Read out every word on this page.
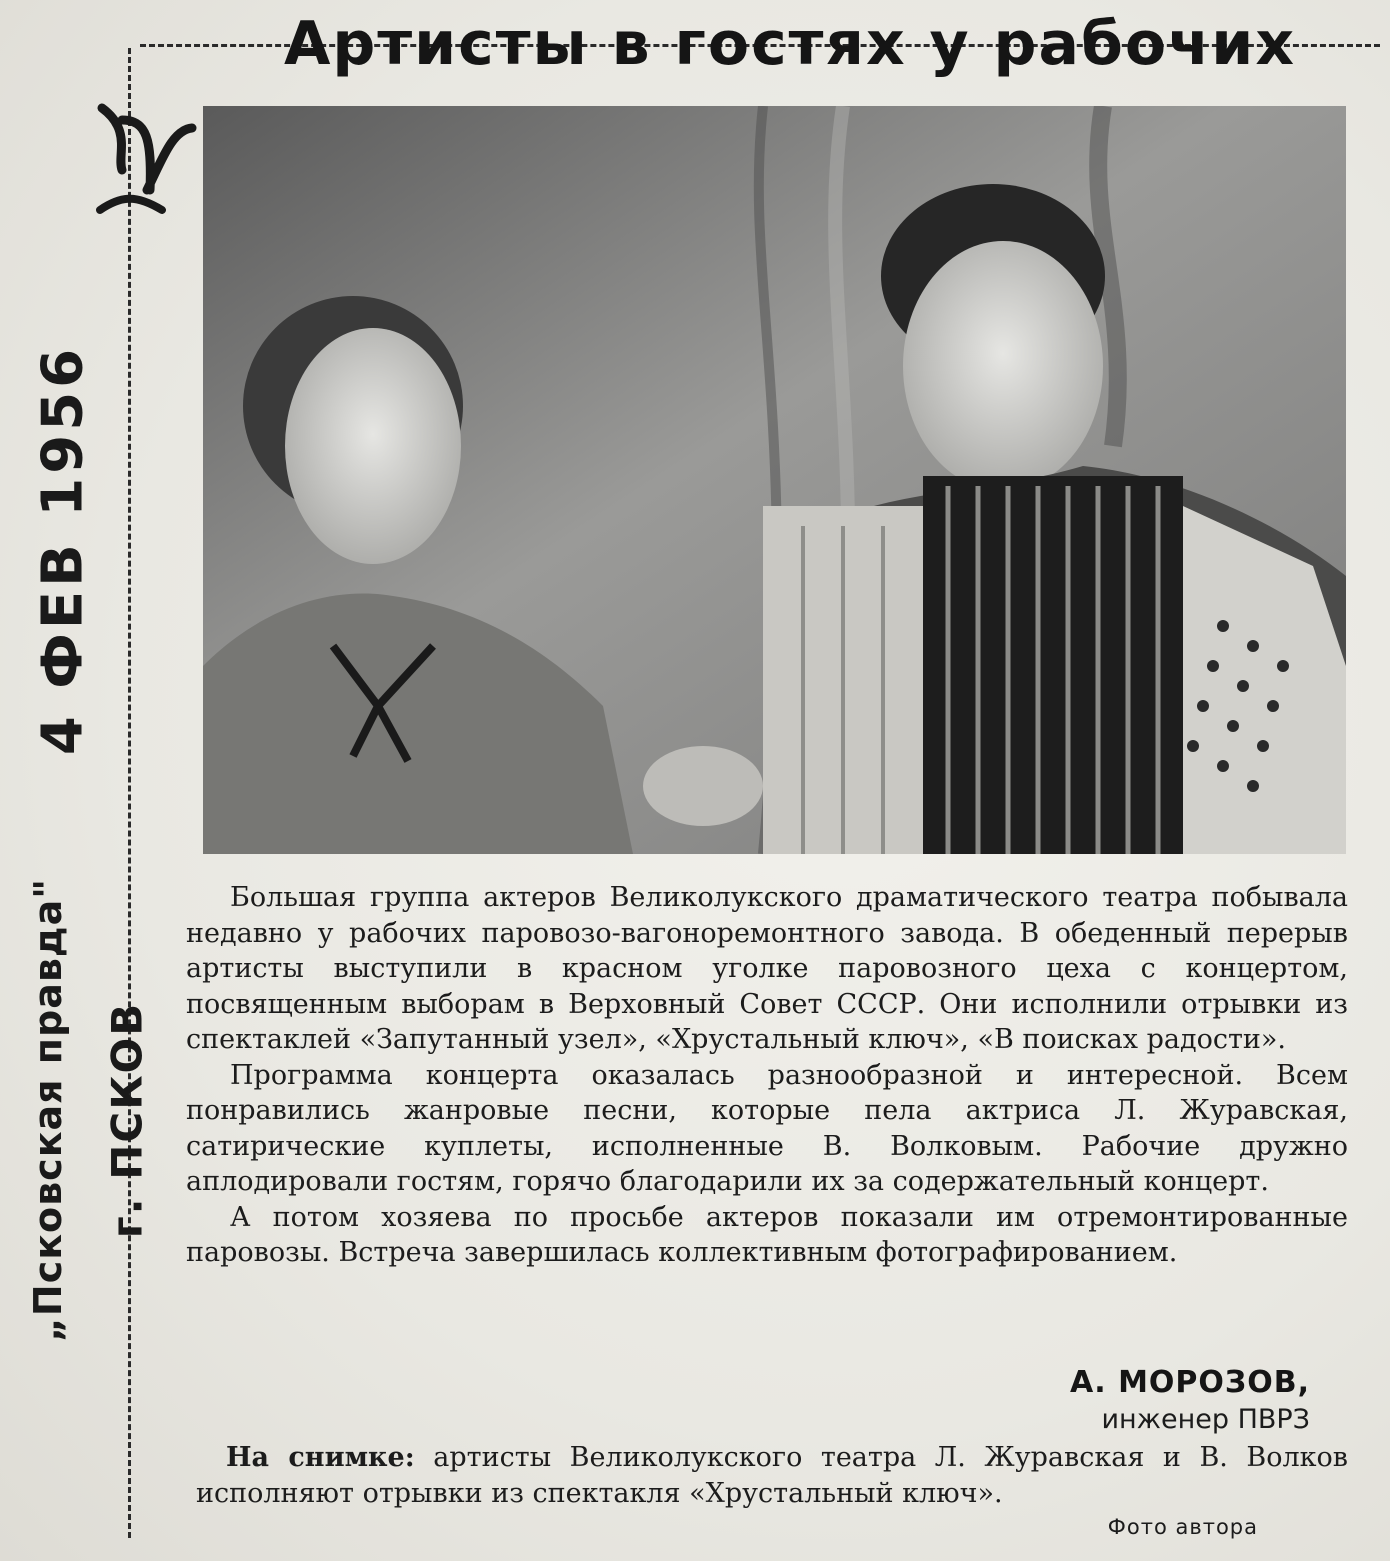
Артисты в гостях у рабочих
4 ФЕВ 1956
„Псковская правда" г. ПСКОВ

Большая группа актеров Великолукского драматического театра побывала недавно у рабочих паровозо-вагоноремонтного завода. В обеденный перерыв артисты выступили в красном уголке паровозного цеха с концертом, посвященным выборам в Верховный Совет СССР. Они исполнили отрывки из спектаклей «Запутанный узел», «Хрустальный ключ», «В поисках радости».

Программа концерта оказалась разнообразной и интересной. Всем понравились жанровые песни, которые пела актриса Л. Журавская, сатирические куплеты, исполненные В. Волковым. Рабочие дружно аплодировали гостям, горячо благодарили их за содержательный концерт.

А потом хозяева по просьбе актеров показали им отремонтированные паровозы. Встреча завершилась коллективным фотографированием.

А. МОРОЗОВ,
инженер ПВРЗ
На снимке: артисты Великолукского театра Л. Журавская и В. Волков исполняют отрывки из спектакля «Хрустальный ключ».
Фото автора
